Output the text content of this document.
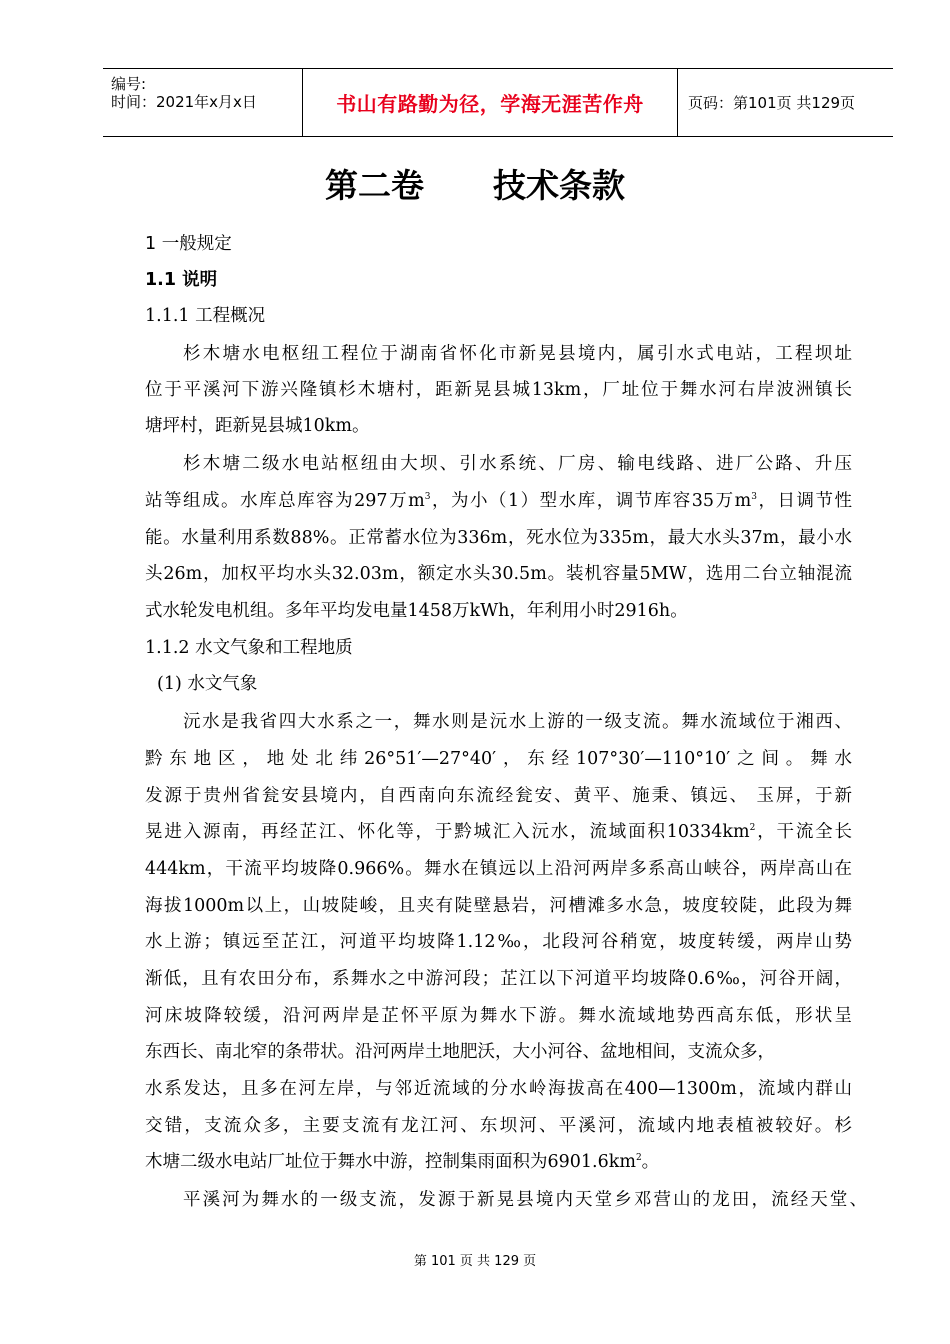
编号:
时间：2021年x月x日	书山有路勤为径，学海无涯苦作舟	页码：第101页 共129页
第二卷      技术条款
1 一般规定
1.1 说明
1.1.1 工程概况
杉木塘水电枢纽工程位于湖南省怀化市新晃县境内，属引水式电站，工程坝址
位于平溪河下游兴隆镇杉木塘村，距新晃县城13km，厂址位于舞水河右岸波洲镇长
塘坪村，距新晃县城10km。
杉木塘二级水电站枢纽由大坝、引水系统、厂房、输电线路、进厂公路、升压
站等组成。水库总库容为297万$m^3$，为小（1）型水库，调节库容35万$m^3$，日调节性
能。水量利用系数88%。正常蓄水位为336m，死水位为335m，最大水头37m，最小水
头26m，加权平均水头32.03m，额定水头30.5m。装机容量5MW，选用二台立轴混流
式水轮发电机组。多年平均发电量1458万kWh，年利用小时2916h。
1.1.2 水文气象和工程地质
(1) 水文气象
沅水是我省四大水系之一，舞水则是沅水上游的一级支流。舞水流域位于湘西、
黔东地区，地处北纬26°51′—27°40′，东经107°30′—110°10′之间。舞水
发源于贵州省瓮安县境内，自西南向东流经瓮安、黄平、施秉、镇远、 玉屏，于新
晃进入源南，再经芷江、怀化等，于黔城汇入沅水，流域面积$10334km^2$，干流全长
444km，干流平均坡降0.966%。舞水在镇远以上沿河两岸多系高山峡谷，两岸高山在
海拔1000m以上，山坡陡峻，且夹有陡壁悬岩，河槽滩多水急，坡度较陡，此段为舞
水上游；镇远至芷江，河道平均坡降1.12‰，北段河谷稍宽，坡度转缓，两岸山势
渐低，且有农田分布，系舞水之中游河段；芷江以下河道平均坡降0.6‰，河谷开阔，
河床坡降较缓，沿河两岸是芷怀平原为舞水下游。舞水流域地势西高东低，形状呈
东西长、南北窄的条带状。沿河两岸土地肥沃，大小河谷、盆地相间，支流众多，
水系发达，且多在河左岸，与邻近流域的分水岭海拔高在400—1300m，流域内群山
交错，支流众多，主要支流有龙江河、东坝河、平溪河，流域内地表植被较好。杉
木塘二级水电站厂址位于舞水中游，控制集雨面积为$6901.6km^2$。
平溪河为舞水的一级支流，发源于新晃县境内天堂乡邓营山的龙田，流经天堂、
第 101 页 共 129 页
